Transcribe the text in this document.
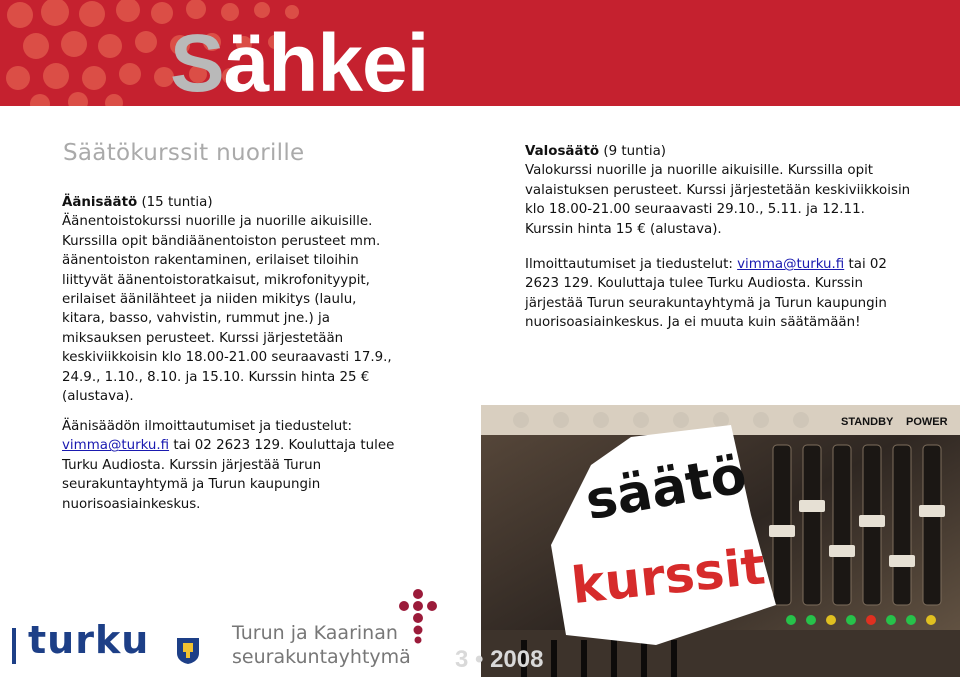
Sähkei
Säätökurssit nuorille

Äänisäätö (15 tuntia)

Äänentoistokurssi nuorille ja nuorille aikuisille. Kurssilla opit bändiäänentoiston perusteet mm. äänentoiston rakentaminen, erilaiset tiloihin liittyvät äänentoistoratkaisut, mikrofonityypit, erilaiset äänilähteet ja niiden mikitys (laulu, kitara, basso, vahvistin, rummut jne.) ja miksauksen perusteet. Kurssi järjestetään keskiviikkoisin klo 18.00-21.00 seuraavasti 17.9., 24.9., 1.10., 8.10. ja 15.10. Kurssin hinta 25 € (alustava).

Äänisäädön ilmoittautumiset ja tiedustelut:
vimma@turku.fi tai 02 2623 129. Kouluttaja tulee Turku Audiosta. Kurssin järjestää Turun seurakuntayhtymä ja Turun kaupungin nuorisoasiainkeskus.

Valosäätö (9 tuntia)

Valokurssi nuorille ja nuorille aikuisille. Kurssilla opit valaistuksen perusteet. Kurssi järjestetään keskiviikkoisin klo 18.00-21.00 seuraavasti 29.10., 5.11. ja 12.11. Kurssin hinta 15 € (alustava).

Ilmoittautumiset ja tiedustelut: vimma@turku.fi tai 02 2623 129. Kouluttaja tulee Turku Audiosta. Kurssin järjestää Turun seurakuntayhtymä ja Turun kaupungin nuorisoasiainkeskus. Ja ei muuta kuin säätämään!

STANDBY POWER
säätö
kurssit
turku	Turun ja Kaarinan
seurakuntayhtymä 3 • 2008
